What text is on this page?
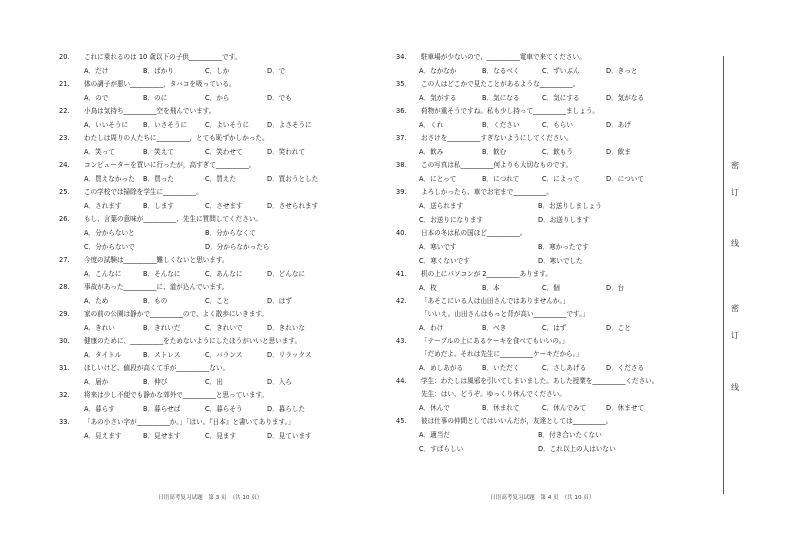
20. これに乗れるのは 10 歳以下の子供__________です。
A．だけ	B．ばかり	C．しか	D．で
21. 体の調子が悪い__________，タバコを吸っている。
A．ので	B．のに	C．から	D．でも
22. 小鳥は気持ち__________空を飛んでいます。
A．いいそうに B．いさそうに	C．よいそうに	D．よさそうに
23. わたしは周りの人たちに__________，とても恥ずかしかった。
A．笑って	B．笑えて	C．笑わせて	D．笑われて
24. コンピューターを買いに行ったが，高すぎて__________。
A．買えなかった B．買った	C．買えた	D．買おうとした
25. この学校では掃除を学生に__________。
A．されます	B．します	C．させます	D．させられます
26. もし、言葉の意味が__________、先生に質問してください。
A．分からないと	B．分からなくて
C．分からないで	D．分からなかったら
27. 今度の試験は__________難しくないと思います。
A．こんなに	B．そんなに	C．あんなに	D．どんなに
28. 事故があった__________に、道が込んでいます。
A．ため	B．もの	C．こと	D．はず
29. 家の前の公園は静かで__________ので、よく散歩にいきます。
A．きれい	B．きれいだ	C．きれいで	D．きれいな
30. 健康のために、__________をためないようにしたほうがいいと思います。
A．タイトル	B．ストレス	C．バランス	D．リラックス
31. ほしいけど、値段が高くて手が__________ない。
A．届か	B．伸び	C．出	D．入ら
32. 将来は少し不便でも静かな郊外で__________と思っています。
A．暮らす	B．暮らせば	C．暮らそう	D．暮らした
33. 「あの小さい字が__________か。」「はい。『日本』と書いてあります。」
A．見えます	B．見せます	C．見ます	D．見ています
34. 駐車場が少ないので、__________電車で来てください。
A．なかなか	B．なるべく	C．ずいぶん	D．きっと
35． この人はどこかで見たことがあるような__________。
A．気がする	B．気になる	C．気にする	D．気がなる
36. 荷物が重そうですね。私も少し持って__________ましょう。
A．くれ	B．ください	C．もらい	D．あげ
37. おさけを__________すぎないようにしてください。
A．飲み	B．飲む	C．飲もう	D．飲ま
38. この写真は私__________何よりも大切なものです。
A．にとって	B．につれて	C．によって	D．について
39. よろしかったら、車でお宅まで__________。
A．送られます	B．お送りしましょう
C．お送りになります	D．お送りします
40. 日本の冬は私の国ほど__________。
A．寒いです	B．寒かったです
C．寒くないです	D．寒いでした
41. 机の上にパソコンが 2__________あります。
A．枚	B．本	C．個	D．台
42. 「あそこにいる人は山田さんではありませんか。」
「いいえ。山田さんはもっと背が高い__________です。」
A．わけ	B．べき	C．はず	D．こと
43. 「テーブルの上にあるケーキを食べてもいいの。」
「だめだよ。それは先生に__________ケーキだから。」
A．めしあがる	B．いただく	C．さしあげる	D．くださる
44. 学生：わたしは風邪を引いてしまいました。あした授業を__________ください。
先生：はい、どうぞ。ゆっくり休んでください。
A．休んで	B．休まれて	C．休んでみて	D．休ませて
45. 彼は仕事の仲間としてはいいんだが，友達としては__________。
A．適当だ	B．付き合いたくない
C．すばらしい	D．これ以上の人はいない
日语高考复习试题　第 3 页　（共 10 页）	日语高考复习试题　第 4 页　（共 10 页）
密
订
线
密
订
线
